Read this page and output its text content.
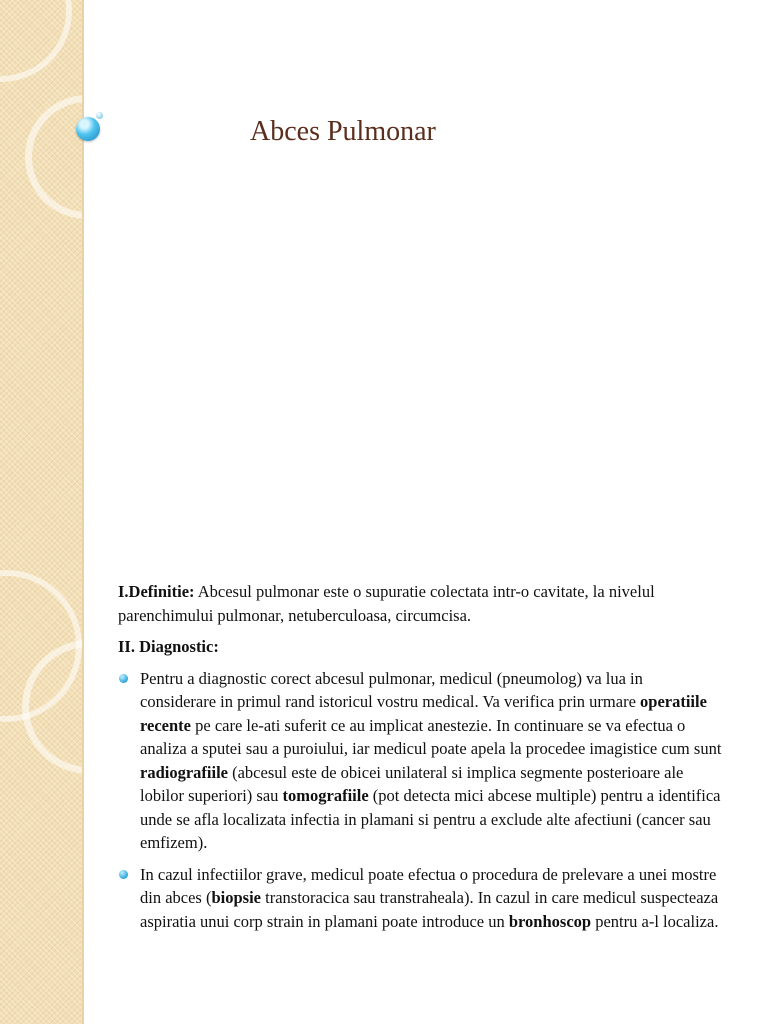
Abces Pulmonar

I.Definitie: Abcesul pulmonar este o supuratie colectata intr-o cavitate, la nivelul parenchimului pulmonar, netuberculoasa, circumcisa.

II. Diagnostic:

Pentru a diagnostic corect abcesul pulmonar, medicul (pneumolog) va lua in considerare in primul rand istoricul vostru medical. Va verifica prin urmare operatiile recente pe care le-ati suferit ce au implicat anestezie. In continuare se va efectua o analiza a sputei sau a puroiului, iar medicul poate apela la procedee imagistice cum sunt radiografiile (abcesul este de obicei unilateral si implica segmente posterioare ale lobilor superiori) sau tomografiile (pot detecta mici abcese multiple) pentru a identifica unde se afla localizata infectia in plamani si pentru a exclude alte afectiuni (cancer sau emfizem).
In cazul infectiilor grave, medicul poate efectua o procedura de prelevare a unei mostre din abces (biopsie transtoracica sau transtraheala). In cazul in care medicul suspecteaza aspiratia unui corp strain in plamani poate introduce un bronhoscop pentru a-l localiza.
